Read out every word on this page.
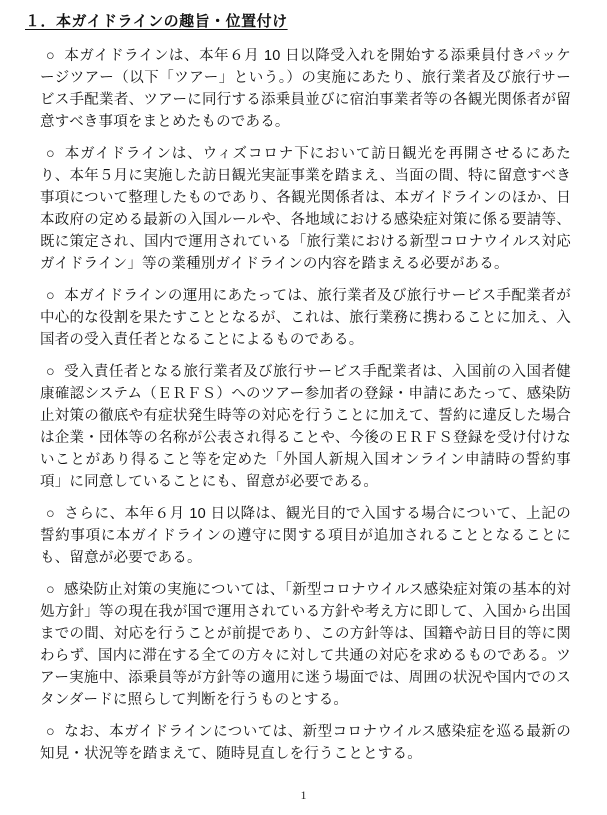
１．本ガイドラインの趣旨・位置付け

○ 本ガイドラインは、本年６月 10 日以降受入れを開始する添乗員付きパッケージツアー（以下「ツアー」という。）の実施にあたり、旅行業者及び旅行サービス手配業者、ツアーに同行する添乗員並びに宿泊事業者等の各観光関係者が留意すべき事項をまとめたものである。

○ 本ガイドラインは、ウィズコロナ下において訪日観光を再開させるにあたり、本年５月に実施した訪日観光実証事業を踏まえ、当面の間、特に留意すべき事項について整理したものであり、各観光関係者は、本ガイドラインのほか、日本政府の定める最新の入国ルールや、各地域における感染症対策に係る要請等、既に策定され、国内で運用されている「旅行業における新型コロナウイルス対応ガイドライン」等の業種別ガイドラインの内容を踏まえる必要がある。

○ 本ガイドラインの運用にあたっては、旅行業者及び旅行サービス手配業者が中心的な役割を果たすこととなるが、これは、旅行業務に携わることに加え、入国者の受入責任者となることによるものである。

○ 受入責任者となる旅行業者及び旅行サービス手配業者は、入国前の入国者健康確認システム（ＥＲＦＳ）へのツアー参加者の登録・申請にあたって、感染防止対策の徹底や有症状発生時等の対応を行うことに加えて、誓約に違反した場合は企業・団体等の名称が公表され得ることや、今後のＥＲＦＳ登録を受け付けないことがあり得ること等を定めた「外国人新規入国オンライン申請時の誓約事項」に同意していることにも、留意が必要である。

○ さらに、本年６月 10 日以降は、観光目的で入国する場合について、上記の誓約事項に本ガイドラインの遵守に関する項目が追加されることとなることにも、留意が必要である。

○ 感染防止対策の実施については、「新型コロナウイルス感染症対策の基本的対処方針」等の現在我が国で運用されている方針や考え方に即して、入国から出国までの間、対応を行うことが前提であり、この方針等は、国籍や訪日目的等に関わらず、国内に滞在する全ての方々に対して共通の対応を求めるものである。ツアー実施中、添乗員等が方針等の適用に迷う場面では、周囲の状況や国内でのスタンダードに照らして判断を行うものとする。

○ なお、本ガイドラインについては、新型コロナウイルス感染症を巡る最新の知見・状況等を踏まえて、随時見直しを行うこととする。

1
